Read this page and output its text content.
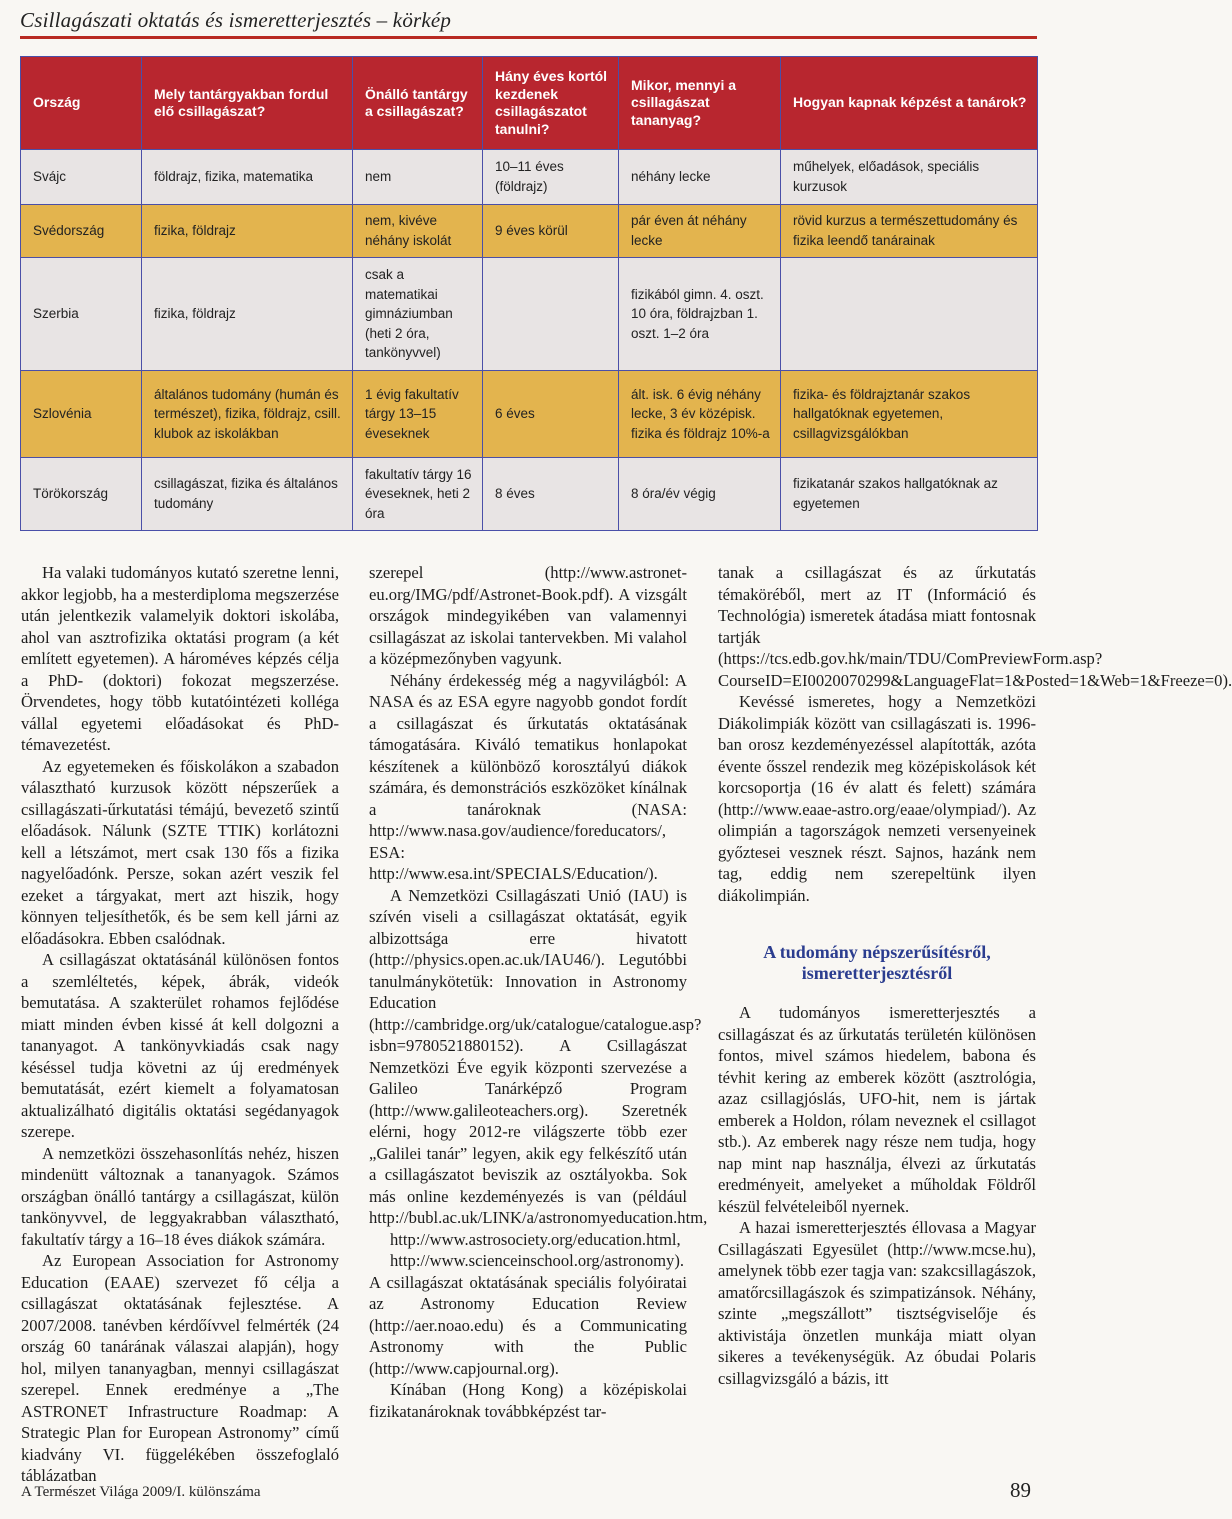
Csillagászati oktatás és ismeretterjesztés – körkép
Ország	Mely tantárgyakban fordul elő csillagászat?	Önálló tantárgy a csillagászat?	Hány éves kortól kezdenek csillagászatot tanulni?	Mikor, mennyi a csillagászat tananyag?	Hogyan kapnak képzést a tanárok?
Svájc	földrajz, fizika, matematika	nem	10–11 éves (földrajz)	néhány lecke	műhelyek, előadások, speciális kurzusok
Svédország	fizika, földrajz	nem, kivéve néhány iskolát	9 éves körül	pár éven át néhány lecke	rövid kurzus a természettudomány és fizika leendő tanárainak
Szerbia	fizika, földrajz	csak a matematikai gimnáziumban (heti 2 óra, tankönyvvel)		fizikából gimn. 4. oszt. 10 óra, földrajzban 1. oszt. 1–2 óra	
Szlovénia	általános tudomány (humán és természet), fizika, földrajz, csill. klubok az iskolákban	1 évig fakultatív tárgy 13–15 éveseknek	6 éves	ált. isk. 6 évig néhány lecke, 3 év középisk. fizika és földrajz 10%-a	fizika- és földrajztanár szakos hallgatóknak egyetemen, csillagvizsgálókban
Törökország	csillagászat, fizika és általános tudomány	fakultatív tárgy 16 éveseknek, heti 2 óra	8 éves	8 óra/év végig	fizikatanár szakos hallgatóknak az egyetemen

Ha valaki tudományos kutató szeretne lenni, akkor legjobb, ha a mesterdiploma megszerzése után jelentkezik valamelyik doktori iskolába, ahol van asztrofizika oktatási program (a két említett egyetemen). A hároméves képzés célja a PhD- (doktori) fokozat megszerzése. Örvendetes, hogy több kutatóintézeti kolléga vállal egyetemi előadásokat és PhD-témavezetést.

Az egyetemeken és főiskolákon a szabadon választható kurzusok között népszerűek a csillagászati-űrkutatási témájú, bevezető szintű előadások. Nálunk (SZTE TTIK) korlátozni kell a létszámot, mert csak 130 fős a fizika nagyelőadónk. Persze, sokan azért veszik fel ezeket a tárgyakat, mert azt hiszik, hogy könnyen teljesíthetők, és be sem kell járni az előadásokra. Ebben csalódnak.

A csillagászat oktatásánál különösen fontos a szemléltetés, képek, ábrák, videók bemutatása. A szakterület rohamos fejlődése miatt minden évben kissé át kell dolgozni a tananyagot. A tankönyvkiadás csak nagy késéssel tudja követni az új eredmények bemutatását, ezért kiemelt a folyamatosan aktualizálható digitális oktatási segédanyagok szerepe.

A nemzetközi összehasonlítás nehéz, hiszen mindenütt változnak a tananyagok. Számos országban önálló tantárgy a csillagászat, külön tankönyvvel, de leggyakrabban választható, fakultatív tárgy a 16–18 éves diákok számára.

Az European Association for Astronomy Education (EAAE) szervezet fő célja a csillagászat oktatásának fejlesztése. A 2007/2008. tanévben kérdőívvel felmérték (24 ország 60 tanárának válaszai alapján), hogy hol, milyen tananyagban, mennyi csillagászat szerepel. Ennek eredménye a „The ASTRONET Infrastructure Roadmap: A Strategic Plan for European Astronomy” című kiadvány VI. függelékében összefoglaló táblázatban

szerepel (http://www.astronet-eu.org/IMG/pdf/Astronet-Book.pdf). A vizsgált országok mindegyikében van valamennyi csillagászat az iskolai tantervekben. Mi valahol a középmezőnyben vagyunk.

Néhány érdekesség még a nagyvilágból: A NASA és az ESA egyre nagyobb gondot fordít a csillagászat és űrkutatás oktatásának támogatására. Kiváló tematikus honlapokat készítenek a különböző korosztályú diákok számára, és demonstrációs eszközöket kínálnak a tanároknak (NASA: http://www.nasa.gov/audience/foreducators/, ESA: http://www.esa.int/SPECIALS/Education/).

A Nemzetközi Csillagászati Unió (IAU) is szívén viseli a csillagászat oktatását, egyik albizottsága erre hivatott (http://physics.open.ac.uk/IAU46/). Legutóbbi tanulmánykötetük: Innovation in Astronomy Education (http://cambridge.org/uk/catalogue/catalogue.asp?isbn=9780521880152). A Csillagászat Nemzetközi Éve egyik központi szervezése a Galileo Tanárképző Program (http://www.galileoteachers.org). Szeretnék elérni, hogy 2012-re világszerte több ezer „Galilei tanár” legyen, akik egy felkészítő után a csillagászatot beviszik az osztályokba. Sok más online kezdeményezés is van (például http://bubl.ac.uk/LINK/a/astronomyeducation.htm,

http://www.astrosociety.org/education.html,

http://www.scienceinschool.org/astronomy). A csillagászat oktatásának speciális folyóiratai az Astronomy Education Review (http://aer.noao.edu) és a Communicating Astronomy with the Public (http://www.capjournal.org).

Kínában (Hong Kong) a középiskolai fizikatanároknak továbbképzést tar-

tanak a csillagászat és az űrkutatás témaköréből, mert az IT (Információ és Technológia) ismeretek átadása miatt fontosnak tartják (https://tcs.edb.gov.hk/main/TDU/ComPreviewForm.asp?CourseID=EI0020070299&LanguageFlat=1&Posted=1&Web=1&Freeze=0).

Kevéssé ismeretes, hogy a Nemzetközi Diákolimpiák között van csillagászati is. 1996-ban orosz kezdeményezéssel alapították, azóta évente ősszel rendezik meg középiskolások két korcsoportja (16 év alatt és felett) számára (http://www.eaae-astro.org/eaae/olympiad/). Az olimpián a tagországok nemzeti versenyeinek győztesei vesznek részt. Sajnos, hazánk nem tag, eddig nem szerepeltünk ilyen diákolimpián.

A tudomány népszerűsítésről, ismeretterjesztésről

A tudományos ismeretterjesztés a csillagászat és az űrkutatás területén különösen fontos, mivel számos hiedelem, babona és tévhit kering az emberek között (asztrológia, azaz csillagjóslás, UFO-hit, nem is jártak emberek a Holdon, rólam neveznek el csillagot stb.). Az emberek nagy része nem tudja, hogy nap mint nap használja, élvezi az űrkutatás eredményeit, amelyeket a műholdak Földről készül felvételeiből nyernek.

A hazai ismeretterjesztés éllovasa a Magyar Csillagászati Egyesület (http://www.mcse.hu), amelynek több ezer tagja van: szakcsillagászok, amatőrcsillagászok és szimpatizánsok. Néhány, szinte „megszállott” tisztségviselője és aktivistája önzetlen munkája miatt olyan sikeres a tevékenységük. Az óbudai Polaris csillagvizsgáló a bázis, itt

A Természet Világa 2009/I. különszáma	89
